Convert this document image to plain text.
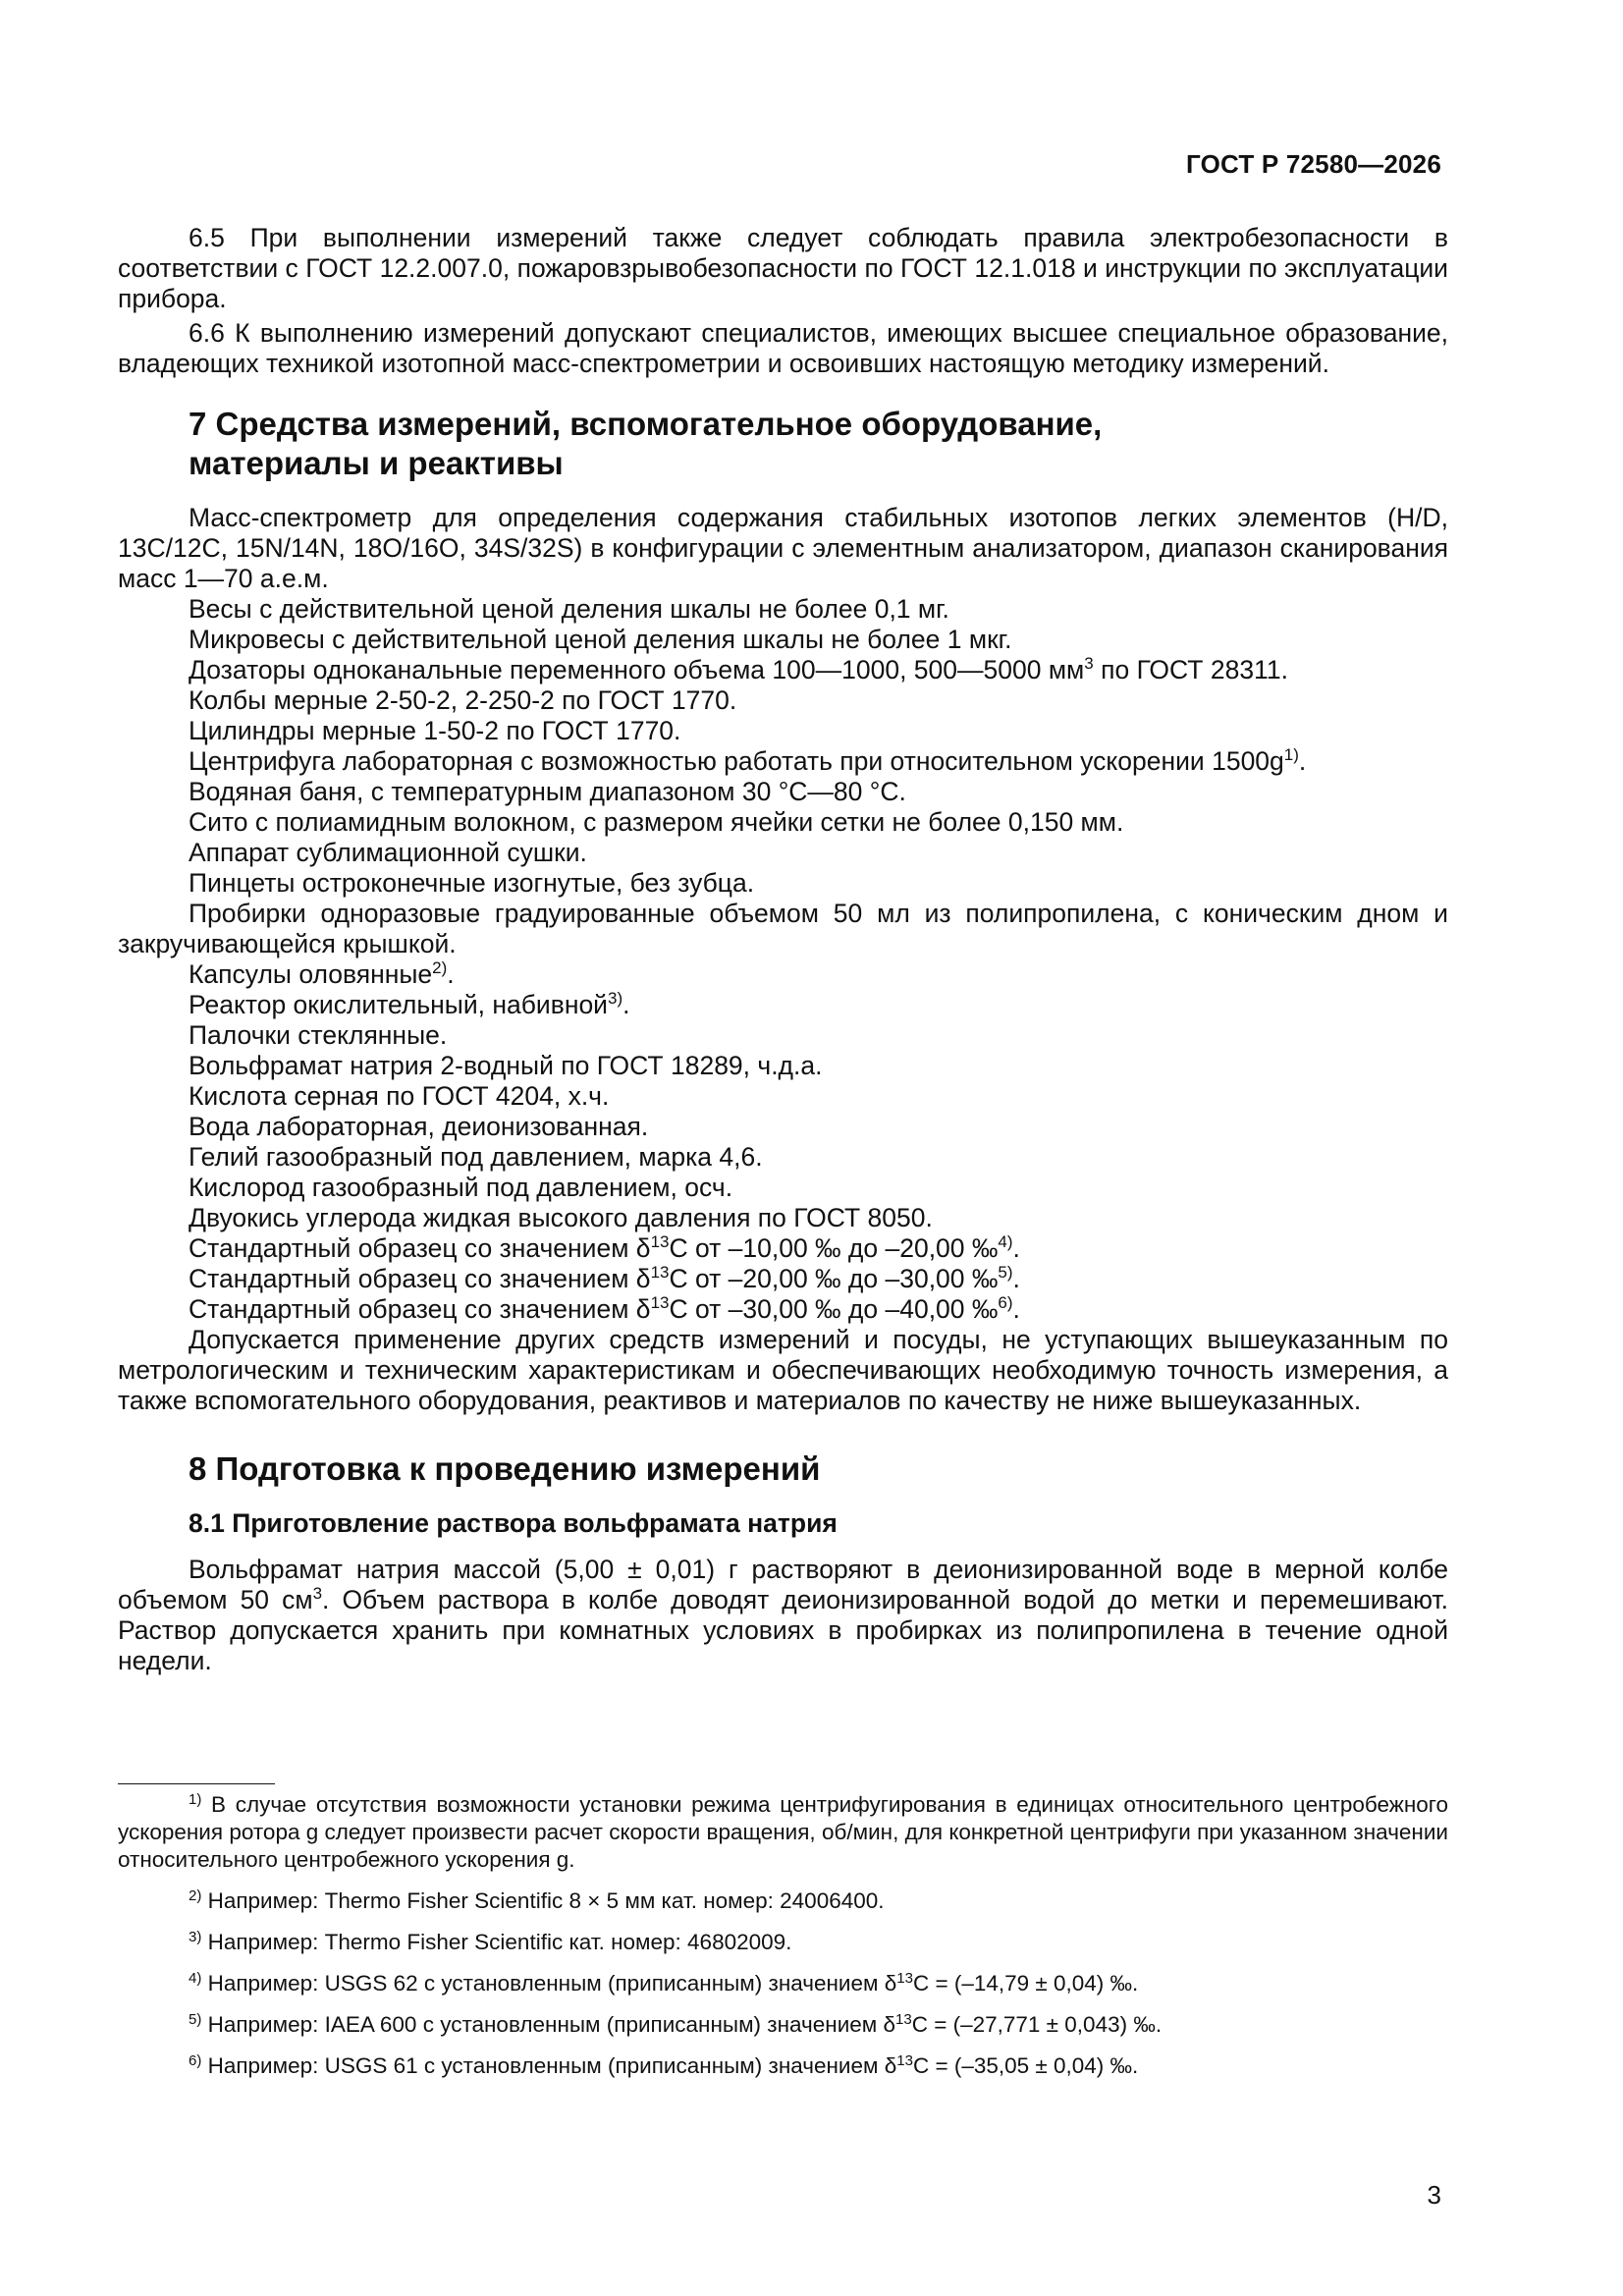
ГОСТ Р 72580—2026

6.5 При выполнении измерений также следует соблюдать правила электробезопасности в соответствии с ГОСТ 12.2.007.0, пожаровзрывобезопасности по ГОСТ 12.1.018 и инструкции по эксплуатации прибора.

6.6 К выполнению измерений допускают специалистов, имеющих высшее специальное образование, владеющих техникой изотопной масс-спектрометрии и освоивших настоящую методику измерений.

7 Средства измерений, вспомогательное оборудование,
материалы и реактивы

Масс-спектрометр для определения содержания стабильных изотопов легких элементов (H/D, 13C/12C, 15N/14N, 18O/16O, 34S/32S) в конфигурации с элементным анализатором, диапазон сканирования масс 1—70 а.е.м.

Весы с действительной ценой деления шкалы не более 0,1 мг.

Микровесы с действительной ценой деления шкалы не более 1 мкг.

Дозаторы одноканальные переменного объема 100—1000, 500—5000 $мм^3$ по ГОСТ 28311.

Колбы мерные 2-50-2, 2-250-2 по ГОСТ 1770.

Цилиндры мерные 1-50-2 по ГОСТ 1770.

Центрифуга лабораторная с возможностью работать при относительном ускорении $1500g^{1)}$.

Водяная баня, с температурным диапазоном 30 °С—80 °С.

Сито с полиамидным волокном, с размером ячейки сетки не более 0,150 мм.

Аппарат сублимационной сушки.

Пинцеты остроконечные изогнутые, без зубца.

Пробирки одноразовые градуированные объемом 50 мл из полипропилена, с коническим дном и закручивающейся крышкой.

Капсулы оловянные$^{2)}$.

Реактор окислительный, набивной$^{3)}$.

Палочки стеклянные.

Вольфрамат натрия 2-водный по ГОСТ 18289, ч.д.а.

Кислота серная по ГОСТ 4204, х.ч.

Вода лабораторная, деионизованная.

Гелий газообразный под давлением, марка 4,6.

Кислород газообразный под давлением, осч.

Двуокись углерода жидкая высокого давления по ГОСТ 8050.

Стандартный образец со значением $\delta^{13}С$ от –10,00 ‰ до –20,00 ‰$^{4)}$.

Стандартный образец со значением $\delta^{13}С$ от –20,00 ‰ до –30,00 ‰$^{5)}$.

Стандартный образец со значением $\delta^{13}С$ от –30,00 ‰ до –40,00 ‰$^{6)}$.

Допускается применение других средств измерений и посуды, не уступающих вышеуказанным по метрологическим и техническим характеристикам и обеспечивающих необходимую точность измерения, а также вспомогательного оборудования, реактивов и материалов по качеству не ниже вышеуказанных.

8 Подготовка к проведению измерений
8.1 Приготовление раствора вольфрамата натрия

Вольфрамат натрия массой (5,00 ± 0,01) г растворяют в деионизированной воде в мерной колбе объемом 50 $см^3$. Объем раствора в колбе доводят деионизированной водой до метки и перемешивают. Раствор допускается хранить при комнатных условиях в пробирках из полипропилена в течение одной недели.

$^{1)}$ В случае отсутствия возможности установки режима центрифугирования в единицах относительного центробежного ускорения ротора g следует произвести расчет скорости вращения, об/мин, для конкретной центрифуги при указанном значении относительного центробежного ускорения g.

$^{2)}$ Например: Thermo Fisher Scientific 8 × 5 мм кат. номер: 24006400.

$^{3)}$ Например: Thermo Fisher Scientific кат. номер: 46802009.

$^{4)}$ Например: USGS 62 с установленным (приписанным) значением $\delta^{13}С = (-14,79 \pm 0,04)$ ‰.

$^{5)}$ Например: IAEA 600 с установленным (приписанным) значением $\delta^{13}С = (-27,771 \pm 0,043)$ ‰.

$^{6)}$ Например: USGS 61 с установленным (приписанным) значением $\delta^{13}С = (-35,05 \pm 0,04)$ ‰.

3
